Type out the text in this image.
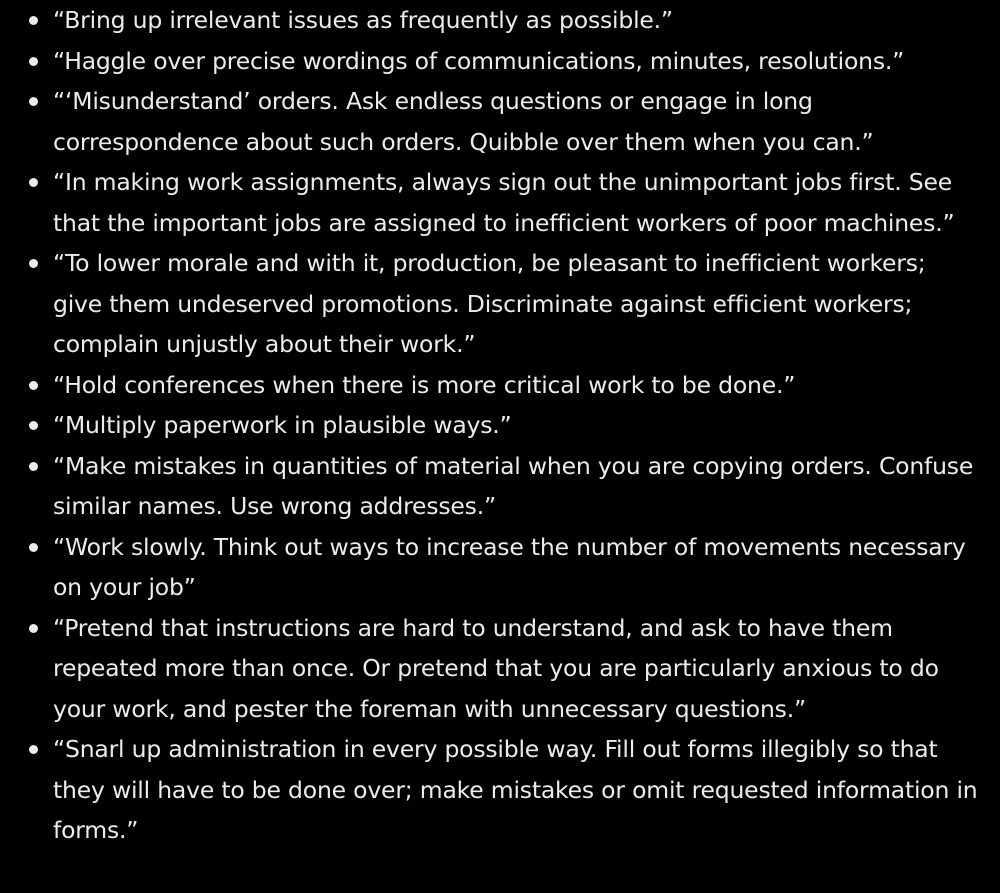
“Bring up irrelevant issues as frequently as possible.”
“Haggle over precise wordings of communications, minutes, resolutions.”
“‘Misunderstand’ orders. Ask endless questions or engage in long correspondence about such orders. Quibble over them when you can.”
“In making work assignments, always sign out the unimportant jobs first. See that the important jobs are assigned to inefficient workers of poor machines.”
“To lower morale and with it, production, be pleasant to inefficient workers; give them undeserved promotions. Discriminate against efficient workers; complain unjustly about their work.”
“Hold conferences when there is more critical work to be done.”
“Multiply paperwork in plausible ways.”
“Make mistakes in quantities of material when you are copying orders. Confuse similar names. Use wrong addresses.”
“Work slowly. Think out ways to increase the number of movements necessary on your job”
“Pretend that instructions are hard to understand, and ask to have them repeated more than once. Or pretend that you are particularly anxious to do your work, and pester the foreman with unnecessary questions.”
“Snarl up administration in every possible way. Fill out forms illegibly so that they will have to be done over; make mistakes or omit requested information in forms.”
